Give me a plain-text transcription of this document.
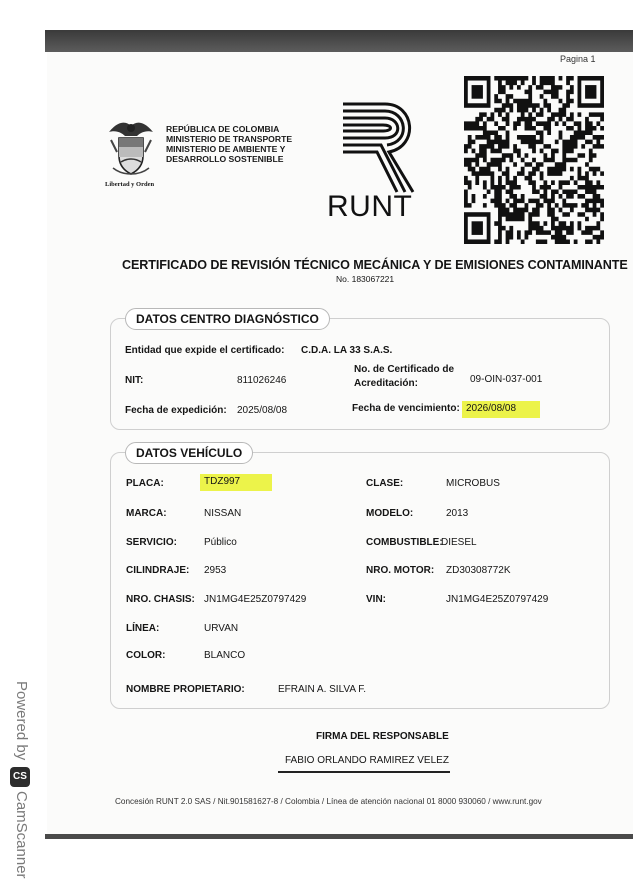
Pagina 1
Libertad y Orden
REPÚBLICA DE COLOMBIA
MINISTERIO DE TRANSPORTE
MINISTERIO DE AMBIENTE Y
DESARROLLO SOSTENIBLE
RUNT
CERTIFICADO DE REVISIÓN TÉCNICO MECÁNICA Y DE EMISIONES CONTAMINANTE
No. 183067221
DATOS CENTRO DIAGNÓSTICO
Entidad que expide el certificado: C.D.A. LA 33 S.A.S.
NIT:	811026246
No. de Certificado de
Acreditación:	09-OIN-037-001
Fecha de expedición: 2025/08/08	Fecha de vencimiento: 2026/08/08
DATOS VEHÍCULO
PLACA:	TDZ997	CLASE:	MICROBUS
MARCA:	NISSAN	MODELO:	2013
SERVICIO:	Público	COMBUSTIBLE:
DIESEL
CILINDRAJE: 2953	NRO. MOTOR: ZD30308772K
NRO. CHASIS: JN1MG4E25Z0797429	VIN:	JN1MG4E25Z0797429
LÍNEA:	URVAN
COLOR:	BLANCO
NOMBRE PROPIETARIO:	EFRAIN A. SILVA F.
FIRMA DEL RESPONSABLE
FABIO ORLANDO RAMIREZ VELEZ
Concesión RUNT 2.0 SAS / Nit.901581627-8 / Colombia / Línea de atención nacional 01 8000 930060 / www.runt.gov
Powered by
CS
CamScanner
